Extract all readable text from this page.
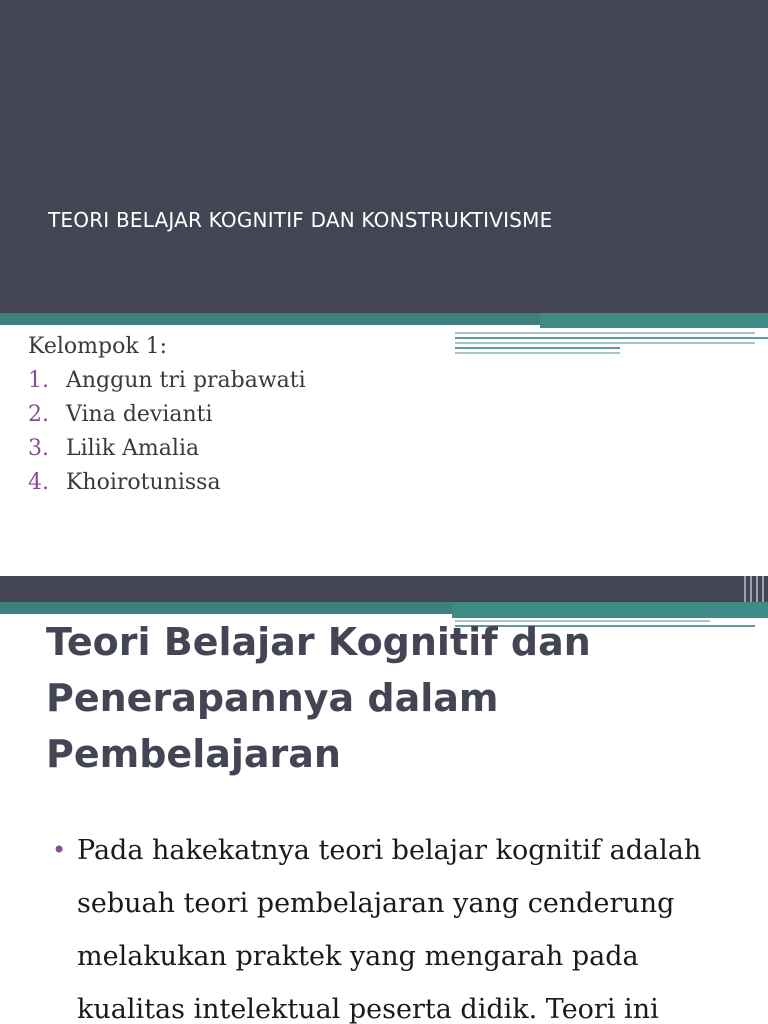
TEORI BELAJAR KOGNITIF DAN KONSTRUKTIVISME
Kelompok 1:
1. Anggun tri prabawati
2. Vina devianti
3. Lilik Amalia
4. Khoirotunissa
Teori Belajar Kognitif dan
Penerapannya dalam
Pembelajaran
• Pada hakekatnya teori belajar kognitif adalah
sebuah teori pembelajaran yang cenderung
melakukan praktek yang mengarah pada
kualitas intelektual peserta didik. Teori ini
